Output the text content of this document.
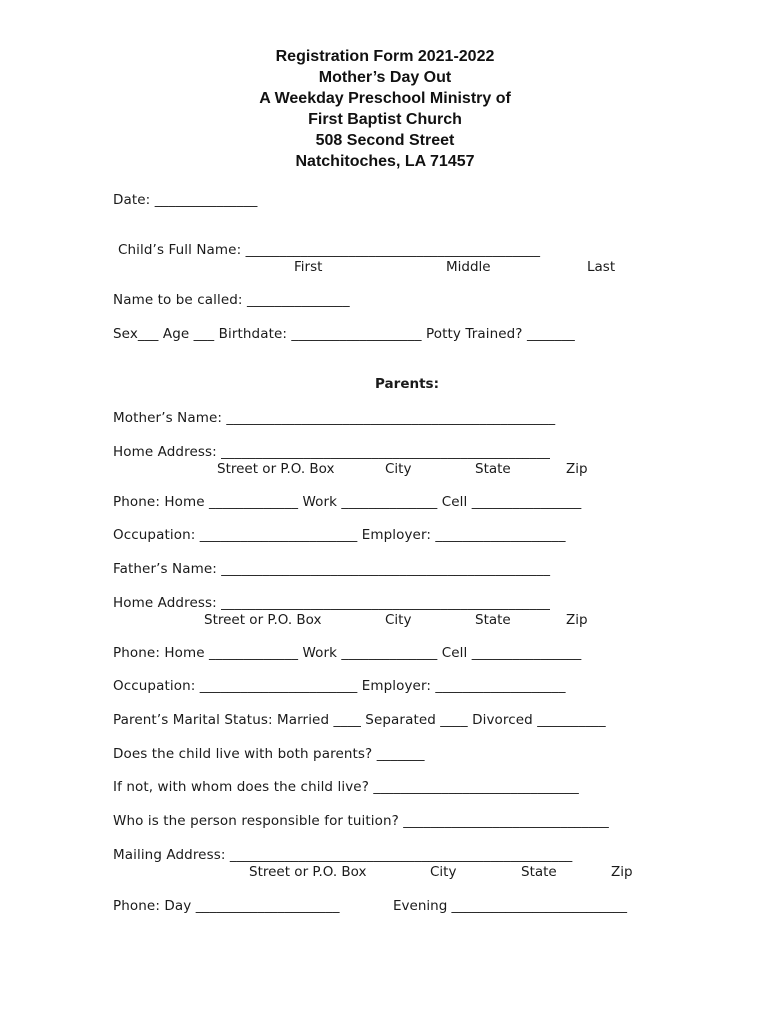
Registration Form 2021-2022
Mother’s Day Out
A Weekday Preschool Ministry of
First Baptist Church
508 Second Street
Natchitoches, LA 71457
Date: _______________
Child’s Full Name: ___________________________________________
First	Middle	Last
Name to be called: _______________
Sex___ Age ___ Birthdate: ___________________ Potty Trained? _______
Parents:
Mother’s Name: ________________________________________________
Home Address: ________________________________________________
Street or P.O. Box	City	State	Zip
Phone: Home _____________ Work ______________ Cell ________________
Occupation: _______________________ Employer: ___________________
Father’s Name: ________________________________________________
Home Address: ________________________________________________
Street or P.O. Box	City	State	Zip
Phone: Home _____________ Work ______________ Cell ________________
Occupation: _______________________ Employer: ___________________
Parent’s Marital Status: Married ____ Separated ____ Divorced __________
Does the child live with both parents? _______
If not, with whom does the child live? ______________________________
Who is the person responsible for tuition? ______________________________
Mailing Address: __________________________________________________
Street or P.O. Box	City	State	Zip
Phone: Day _____________________	Evening __________________________
